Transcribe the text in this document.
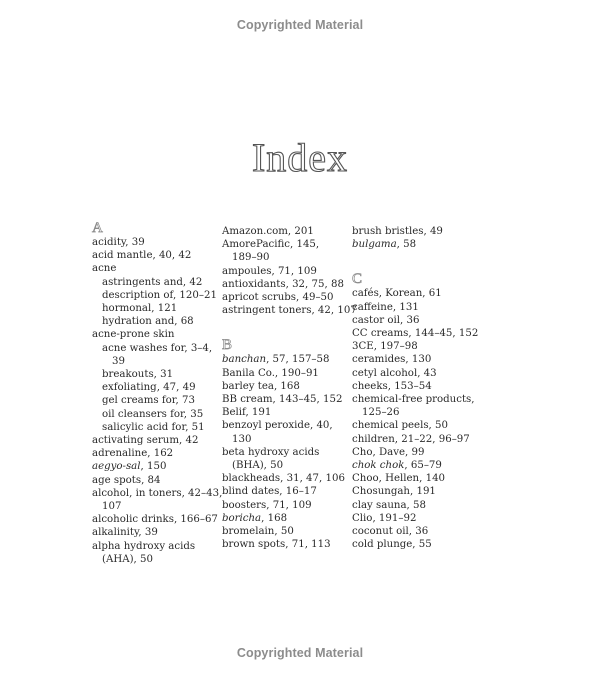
Copyrighted Material
Index
A
acidity, 39
acid mantle, 40, 42
acne
astringents and, 42
description of, 120–21
hormonal, 121
hydration and, 68
acne-prone skin
acne washes for, 3–4,
39
breakouts, 31
exfoliating, 47, 49
gel creams for, 73
oil cleansers for, 35
salicylic acid for, 51
activating serum, 42
adrenaline, 162
aegyo-sal, 150
age spots, 84
alcohol, in toners, 42–43,
107
alcoholic drinks, 166–67
alkalinity, 39
alpha hydroxy acids
(AHA), 50
Amazon.com, 201
AmorePacific, 145,
189–90
ampoules, 71, 109
antioxidants, 32, 75, 88
apricot scrubs, 49–50
astringent toners, 42, 107
B
banchan, 57, 157–58
Banila Co., 190–91
barley tea, 168
BB cream, 143–45, 152
Belif, 191
benzoyl peroxide, 40,
130
beta hydroxy acids
(BHA), 50
blackheads, 31, 47, 106
blind dates, 16–17
boosters, 71, 109
boricha, 168
bromelain, 50
brown spots, 71, 113
brush bristles, 49
bulgama, 58
C
cafés, Korean, 61
caffeine, 131
castor oil, 36
CC creams, 144–45, 152
3CE, 197–98
ceramides, 130
cetyl alcohol, 43
cheeks, 153–54
chemical-free products,
125–26
chemical peels, 50
children, 21–22, 96–97
Cho, Dave, 99
chok chok, 65–79
Choo, Hellen, 140
Chosungah, 191
clay sauna, 58
Clio, 191–92
coconut oil, 36
cold plunge, 55
Copyrighted Material
